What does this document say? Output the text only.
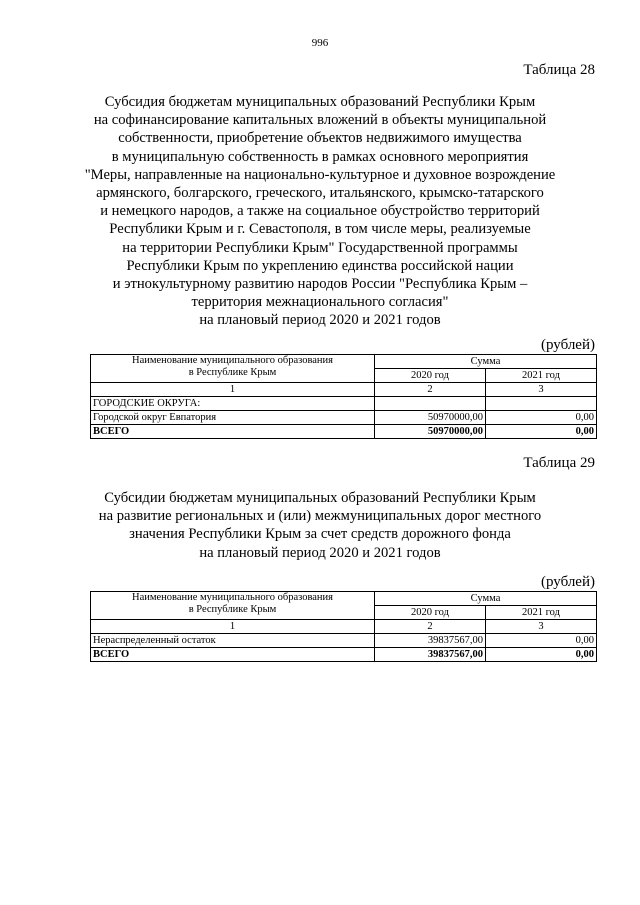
996
Таблица 28
Субсидия бюджетам муниципальных образований Республики Крым
на софинансирование капитальных вложений в объекты муниципальной
собственности, приобретение объектов недвижимого имущества
в муниципальную собственность в рамках основного мероприятия
"Меры, направленные на национально-культурное и духовное возрождение
армянского, болгарского, греческого, итальянского, крымско-татарского
и немецкого народов, а также на социальное обустройство территорий
Республики Крым и г. Севастополя, в том числе меры, реализуемые
на территории Республики Крым" Государственной программы
Республики Крым по укреплению единства российской нации
и этнокультурному развитию народов России "Республика Крым –
территория межнационального согласия"
на плановый период 2020 и 2021 годов
(рублей)
Наименование муниципального образования
в Республике Крым	Сумма	
	2020 год	2021 год
1	2	3
ГОРОДСКИЕ ОКРУГА:		
Городской округ Евпатория	50970000,00	0,00
ВСЕГО	50970000,00	0,00
Таблица 29
Субсидии бюджетам муниципальных образований Республики Крым
на развитие региональных и (или) межмуниципальных дорог местного
значения Республики Крым за счет средств дорожного фонда
на плановый период 2020 и 2021 годов
(рублей)
Наименование муниципального образования
в Республике Крым	Сумма	
	2020 год	2021 год
1	2	3
Нераспределенный остаток	39837567,00	0,00
ВСЕГО	39837567,00	0,00
